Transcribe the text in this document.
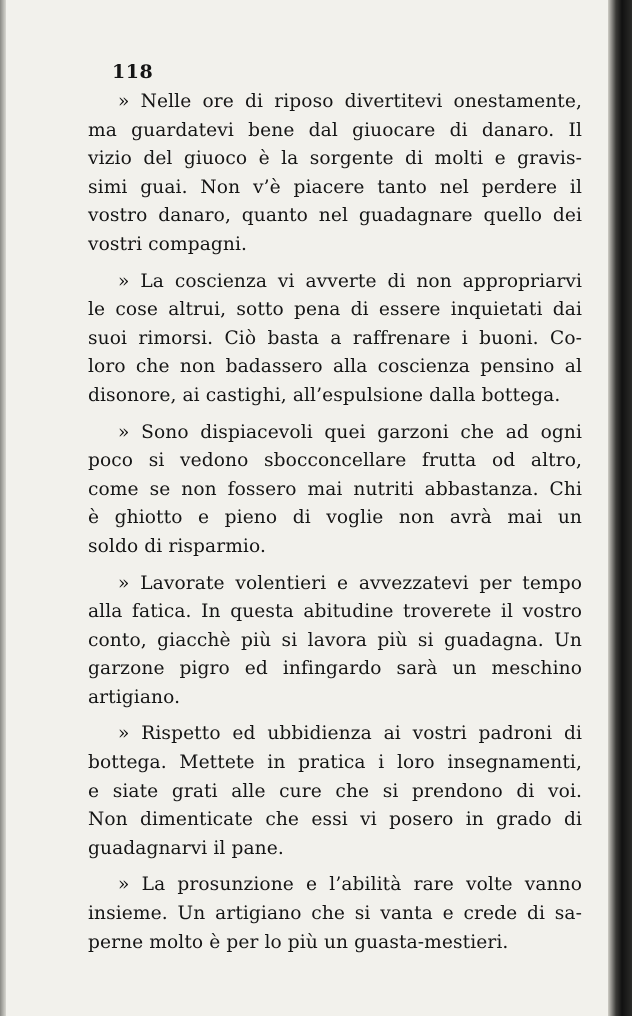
118
» Nelle ore di riposo divertitevi onestamente,
ma guardatevi bene dal giuocare di danaro. Il
vizio del giuoco è la sorgente di molti e gravis-
simi guai. Non v’è piacere tanto nel perdere il
vostro danaro, quanto nel guadagnare quello dei
vostri compagni.
» La coscienza vi avverte di non appropriarvi
le cose altrui, sotto pena di essere inquietati dai
suoi rimorsi. Ciò basta a raffrenare i buoni. Co-
loro che non badassero alla coscienza pensino al
disonore, ai castighi, all’espulsione dalla bottega.
» Sono dispiacevoli quei garzoni che ad ogni
poco si vedono sbocconcellare frutta od altro,
come se non fossero mai nutriti abbastanza. Chi
è ghiotto e pieno di voglie non avrà mai un
soldo di risparmio.
» Lavorate volentieri e avvezzatevi per tempo
alla fatica. In questa abitudine troverete il vostro
conto, giacchè più si lavora più si guadagna. Un
garzone pigro ed infingardo sarà un meschino
artigiano.
» Rispetto ed ubbidienza ai vostri padroni di
bottega. Mettete in pratica i loro insegnamenti,
e siate grati alle cure che si prendono di voi.
Non dimenticate che essi vi posero in grado di
guadagnarvi il pane.
» La prosunzione e l’abilità rare volte vanno
insieme. Un artigiano che si vanta e crede di sa-
perne molto è per lo più un guasta-mestieri.
